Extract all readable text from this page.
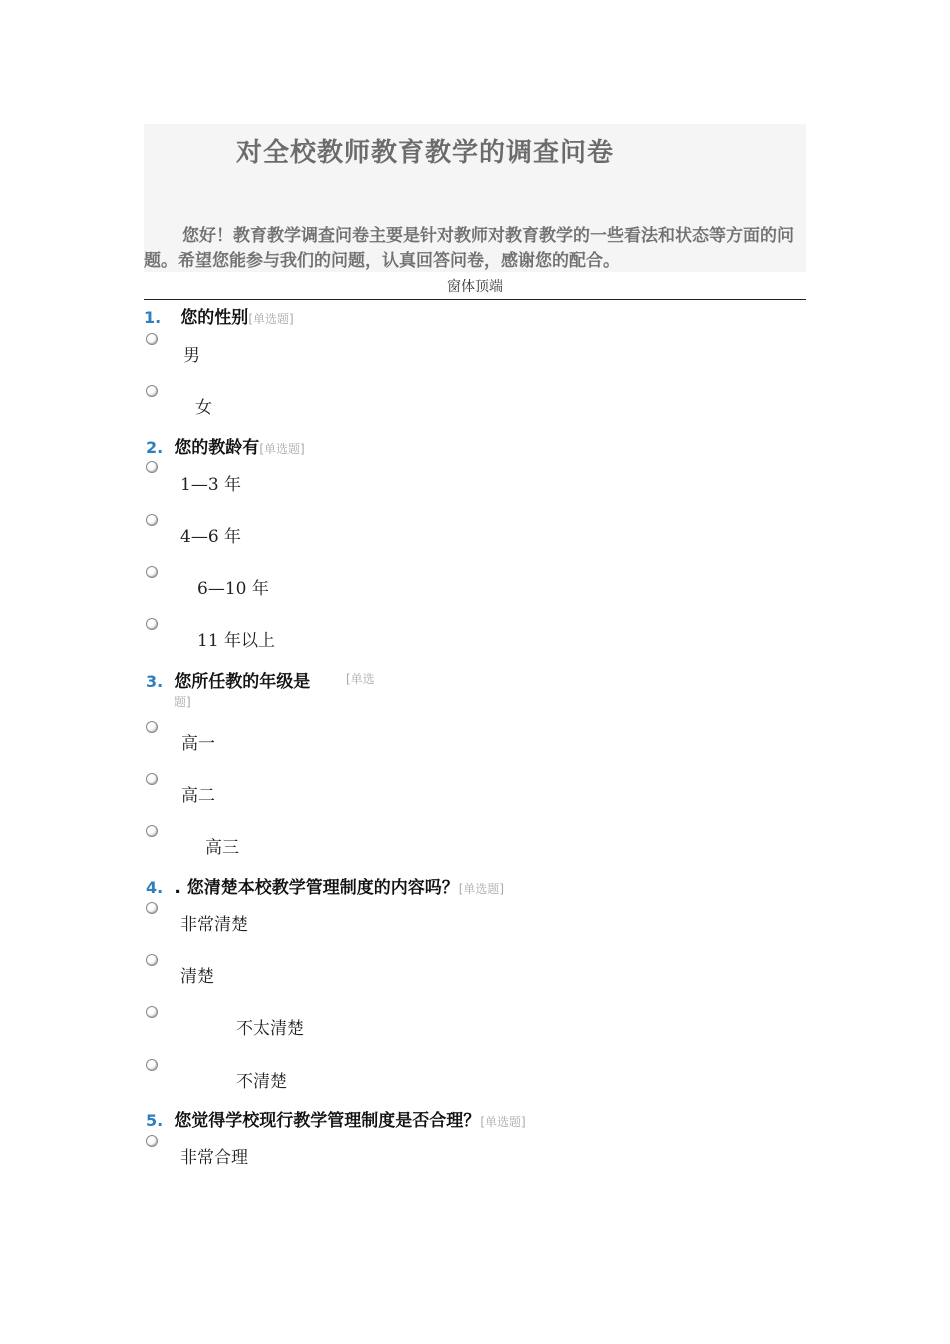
对全校教师教育教学的调查问卷

您好！教育教学调查问卷主要是针对教师对教育教学的一些看法和状态等方面的问题。希望您能参与我们的问题，认真回答问卷，感谢您的配合。

窗体顶端
1. 您的性别[单选题]
男
女
2. 您的教龄有[单选题]
1—3 年
4—6 年
6—10 年
11 年以上
3. 您所任教的年级是	[单选
题]
高一
高二
高三
4. . 您清楚本校教学管理制度的内容吗？[单选题]
非常清楚
清楚
不太清楚
不清楚
5. 您觉得学校现行教学管理制度是否合理？[单选题]
非常合理
